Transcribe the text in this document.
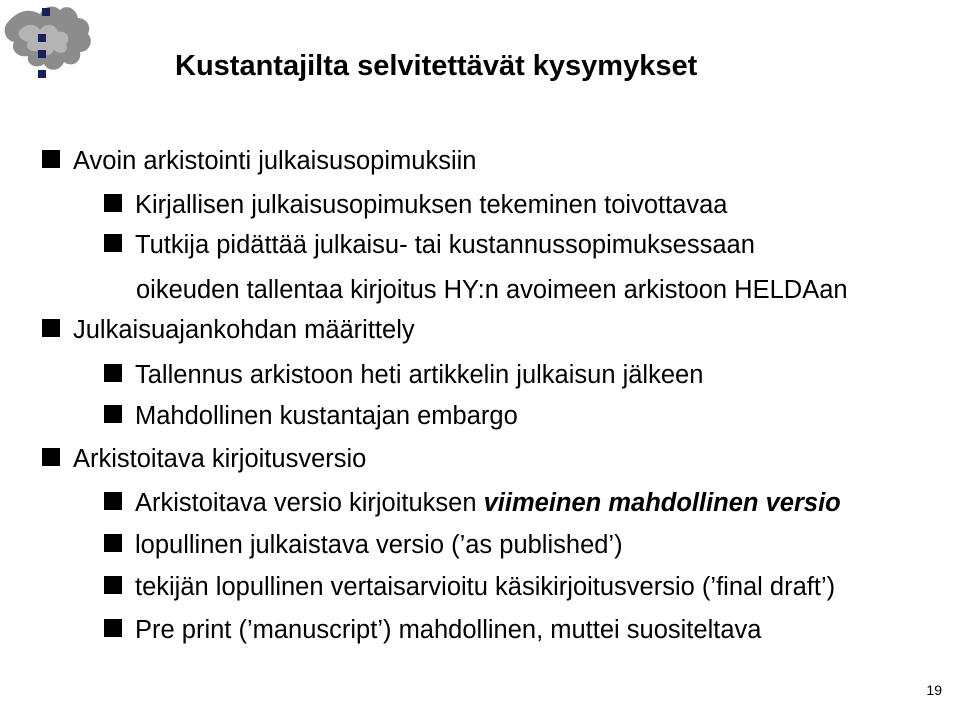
Kustantajilta selvitettävät kysymykset
Avoin arkistointi julkaisusopimuksiin
Kirjallisen julkaisusopimuksen tekeminen toivottavaa
Tutkija pidättää julkaisu- tai kustannussopimuksessaan
oikeuden tallentaa kirjoitus HY:n avoimeen arkistoon HELDAan
Julkaisuajankohdan määrittely
Tallennus arkistoon heti artikkelin julkaisun jälkeen
Mahdollinen kustantajan embargo
Arkistoitava kirjoitusversio
Arkistoitava versio kirjoituksen viimeinen mahdollinen versio
lopullinen julkaistava versio (’as published’)
tekijän lopullinen vertaisarvioitu käsikirjoitusversio (’final draft’)
Pre print (’manuscript’) mahdollinen, muttei suositeltava
19
